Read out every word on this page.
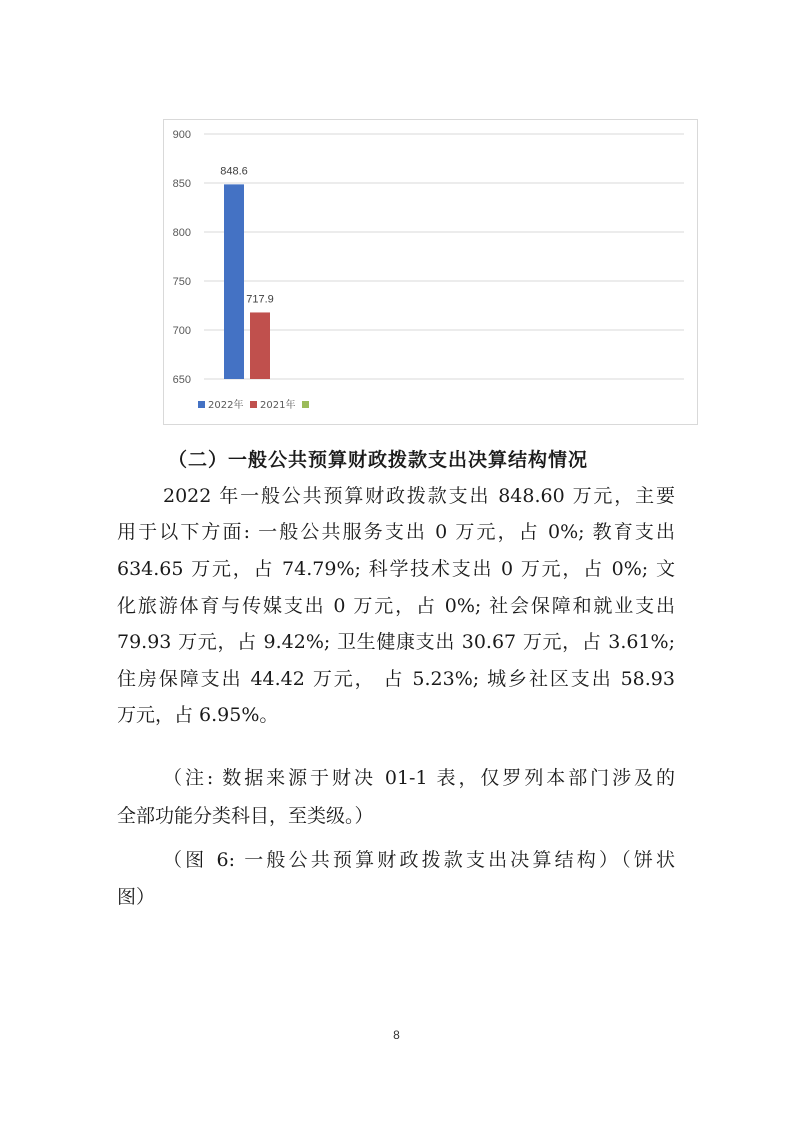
650
700
750
800
850
900
848.6
717.9
2022年 2021年
（二）一般公共预算财政拨款支出决算结构情况
2022 年一般公共预算财政拨款支出 848.60 万元，主要
用于以下方面: 一般公共服务支出 0 万元，占 0%; 教育支出
634.65 万元，占 74.79%; 科学技术支出 0 万元，占 0%; 文
化旅游体育与传媒支出 0 万元，占 0%; 社会保障和就业支出
79.93 万元，占 9.42%; 卫生健康支出 30.67 万元，占 3.61%;
住房保障支出 44.42 万元， 占 5.23%; 城乡社区支出 58.93
万元，占 6.95%。
（注: 数据来源于财决 01-1 表，仅罗列本部门涉及的
全部功能分类科目，至类级。）
（图 6: 一般公共预算财政拨款支出决算结构）（饼状
图）
8
